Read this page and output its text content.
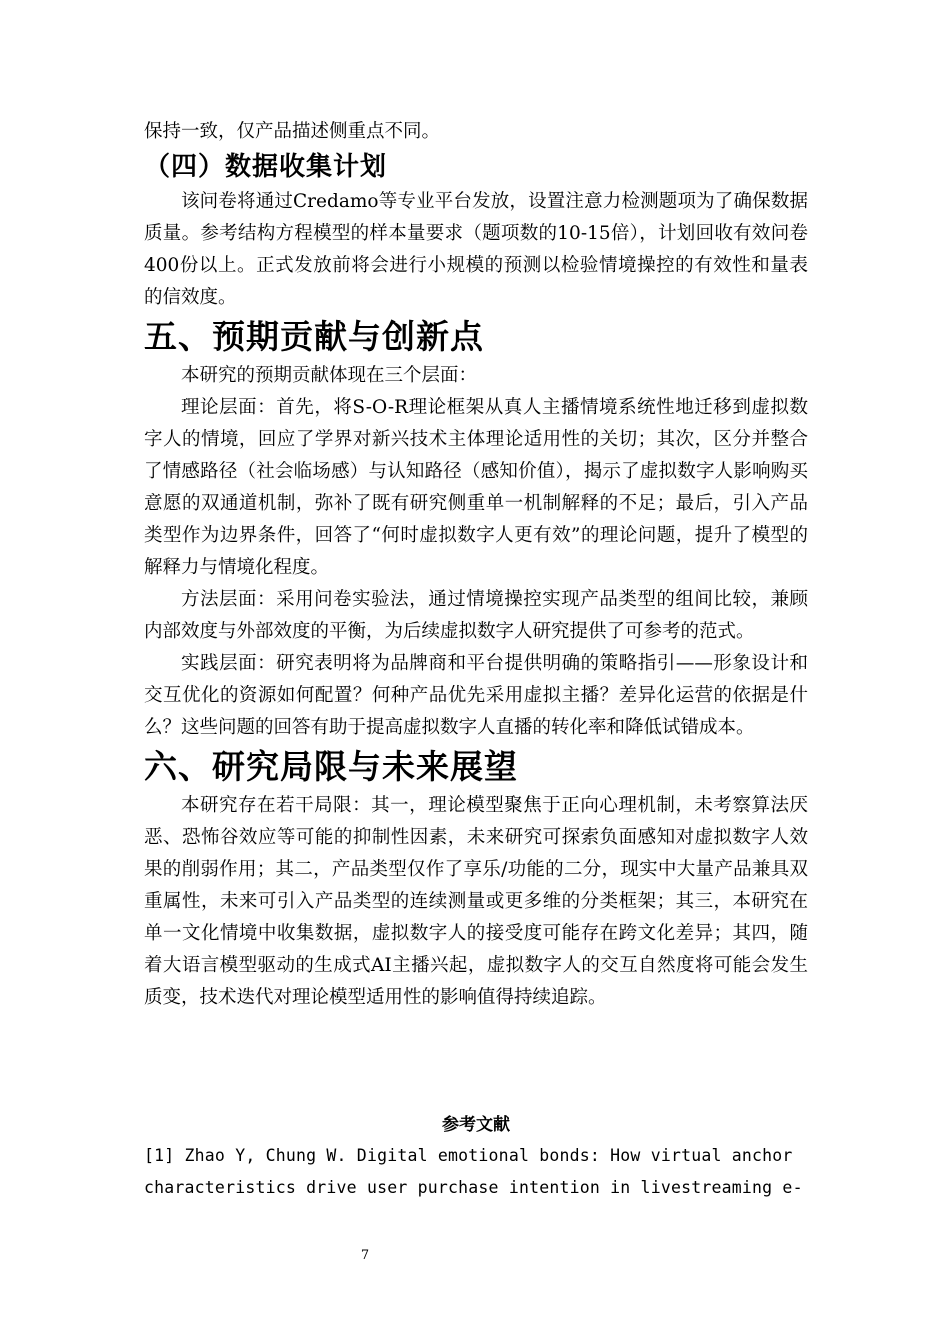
保持一致，仅产品描述侧重点不同。

（四）数据收集计划

该问卷将通过Credamo等专业平台发放，设置注意力检测题项为了确保数据质量。参考结构方程模型的样本量要求（题项数的10-15倍），计划回收有效问卷400份以上。正式发放前将会进行小规模的预测以检验情境操控的有效性和量表的信效度。

五、预期贡献与创新点

本研究的预期贡献体现在三个层面：

理论层面：首先，将S-O-R理论框架从真人主播情境系统性地迁移到虚拟数字人的情境，回应了学界对新兴技术主体理论适用性的关切；其次，区分并整合了情感路径（社会临场感）与认知路径（感知价值），揭示了虚拟数字人影响购买意愿的双通道机制，弥补了既有研究侧重单一机制解释的不足；最后，引入产品类型作为边界条件，回答了“何时虚拟数字人更有效”的理论问题，提升了模型的解释力与情境化程度。

方法层面：采用问卷实验法，通过情境操控实现产品类型的组间比较，兼顾内部效度与外部效度的平衡，为后续虚拟数字人研究提供了可参考的范式。

实践层面：研究表明将为品牌商和平台提供明确的策略指引——形象设计和交互优化的资源如何配置？何种产品优先采用虚拟主播？差异化运营的依据是什么？这些问题的回答有助于提高虚拟数字人直播的转化率和降低试错成本。

六、研究局限与未来展望

本研究存在若干局限：其一，理论模型聚焦于正向心理机制，未考察算法厌恶、恐怖谷效应等可能的抑制性因素，未来研究可探索负面感知对虚拟数字人效果的削弱作用；其二，产品类型仅作了享乐/功能的二分，现实中大量产品兼具双重属性，未来可引入产品类型的连续测量或更多维的分类框架；其三，本研究在单一文化情境中收集数据，虚拟数字人的接受度可能存在跨文化差异；其四，随着大语言模型驱动的生成式AI主播兴起，虚拟数字人的交互自然度将可能会发生质变，技术迭代对理论模型适用性的影响值得持续追踪。

参考文献

[1] Zhao Y, Chung W. Digital emotional bonds: How virtual anchor characteristics drive user purchase intention in livestreaming e-

7
